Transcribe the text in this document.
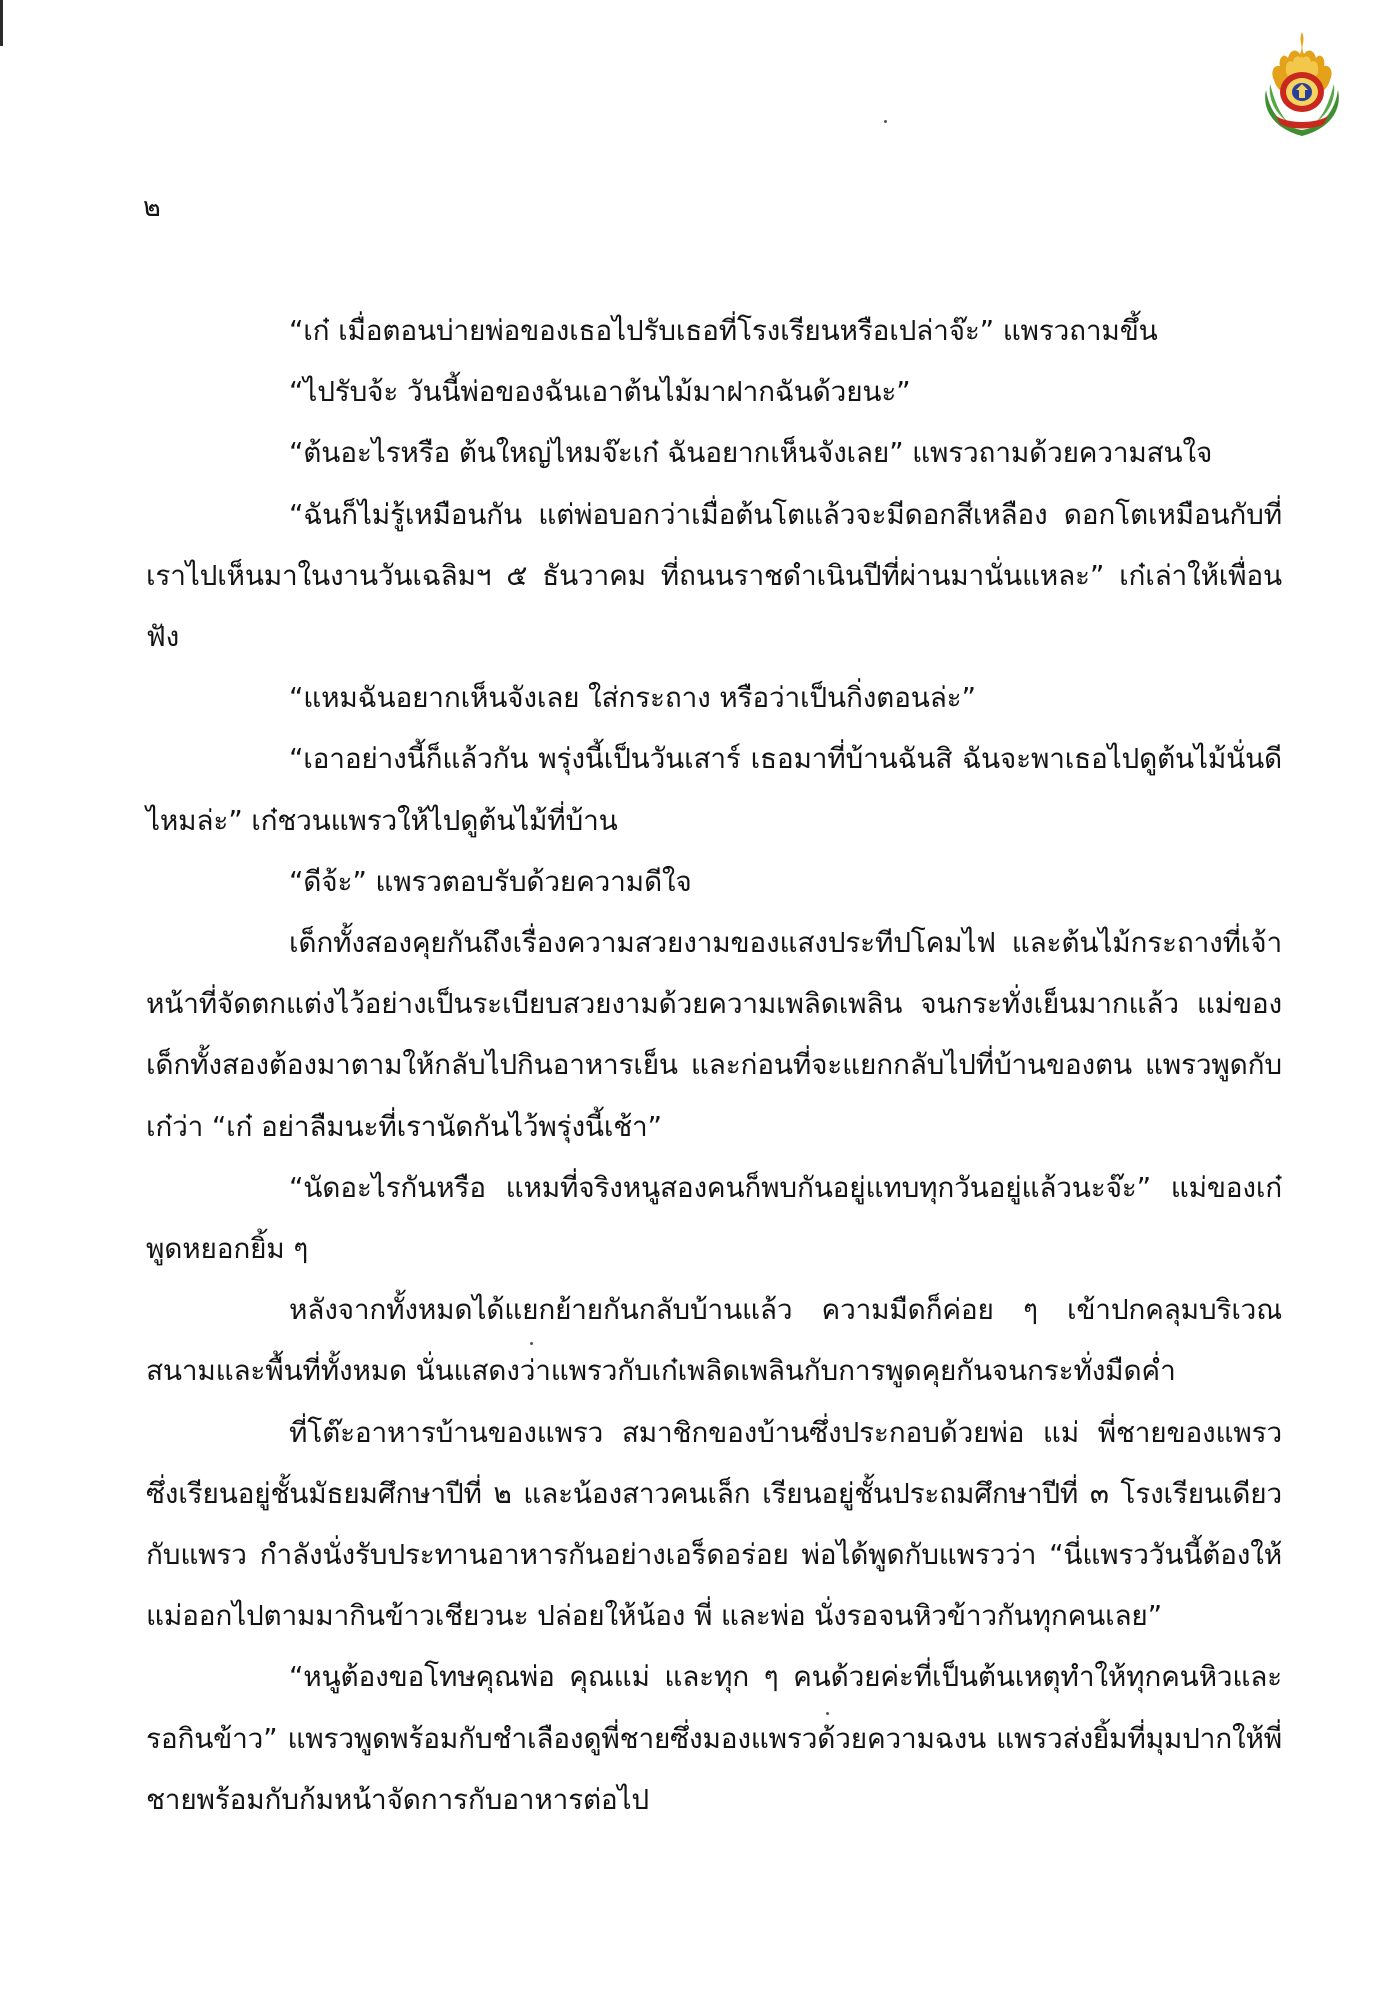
๒

“เก๋ เมื่อตอนบ่ายพ่อของเธอไปรับเธอที่โรงเรียนหรือเปล่าจ๊ะ” แพรวถามขึ้น

“ไปรับจ้ะ วันนี้พ่อของฉันเอาต้นไม้มาฝากฉันด้วยนะ”

“ต้นอะไรหรือ ต้นใหญ่ไหมจ๊ะเก๋ ฉันอยากเห็นจังเลย” แพรวถามด้วยความสนใจ

“ฉันก็ไม่รู้เหมือนกัน แต่พ่อบอกว่าเมื่อต้นโตแล้วจะมีดอกสีเหลือง ดอกโตเหมือนกับที่เราไปเห็นมาในงานวันเฉลิมฯ ๕ ธันวาคม ที่ถนนราชดำเนินปีที่ผ่านมานั่นแหละ” เก๋เล่าให้เพื่อนฟัง

“แหมฉันอยากเห็นจังเลย ใส่กระถาง หรือว่าเป็นกิ่งตอนล่ะ”

“เอาอย่างนี้ก็แล้วกัน พรุ่งนี้เป็นวันเสาร์ เธอมาที่บ้านฉันสิ ฉันจะพาเธอไปดูต้นไม้นั่นดีไหมล่ะ” เก๋ชวนแพรวให้ไปดูต้นไม้ที่บ้าน

“ดีจ้ะ” แพรวตอบรับด้วยความดีใจ

เด็กทั้งสองคุยกันถึงเรื่องความสวยงามของแสงประทีปโคมไฟ และต้นไม้กระถางที่เจ้าหน้าที่จัดตกแต่งไว้อย่างเป็นระเบียบสวยงามด้วยความเพลิดเพลิน จนกระทั่งเย็นมากแล้ว แม่ของเด็กทั้งสองต้องมาตามให้กลับไปกินอาหารเย็น และก่อนที่จะแยกกลับไปที่บ้านของตน แพรวพูดกับเก๋ว่า “เก๋ อย่าลืมนะที่เรานัดกันไว้พรุ่งนี้เช้า”

“นัดอะไรกันหรือ แหมที่จริงหนูสองคนก็พบกันอยู่แทบทุกวันอยู่แล้วนะจ๊ะ” แม่ของเก๋พูดหยอกยิ้ม ๆ

หลังจากทั้งหมดได้แยกย้ายกันกลับบ้านแล้ว ความมืดก็ค่อย ๆ เข้าปกคลุมบริเวณสนามและพื้นที่ทั้งหมด นั่นแสดงว่าแพรวกับเก๋เพลิดเพลินกับการพูดคุยกันจนกระทั่งมืดค่ำ

ที่โต๊ะอาหารบ้านของแพรว สมาชิกของบ้านซึ่งประกอบด้วยพ่อ แม่ พี่ชายของแพรวซึ่งเรียนอยู่ชั้นมัธยมศึกษาปีที่ ๒ และน้องสาวคนเล็ก เรียนอยู่ชั้นประถมศึกษาปีที่ ๓ โรงเรียนเดียวกับแพรว กำลังนั่งรับประทานอาหารกันอย่างเอร็ดอร่อย พ่อได้พูดกับแพรวว่า “นี่แพรววันนี้ต้องให้แม่ออกไปตามมากินข้าวเชียวนะ ปล่อยให้น้อง พี่ และพ่อ นั่งรอจนหิวข้าวกันทุกคนเลย”

“หนูต้องขอโทษคุณพ่อ คุณแม่ และทุก ๆ คนด้วยค่ะที่เป็นต้นเหตุทำให้ทุกคนหิวและรอกินข้าว” แพรวพูดพร้อมกับชำเลืองดูพี่ชายซึ่งมองแพรวด้วยความฉงน แพรวส่งยิ้มที่มุมปากให้พี่ชายพร้อมกับก้มหน้าจัดการกับอาหารต่อไป
